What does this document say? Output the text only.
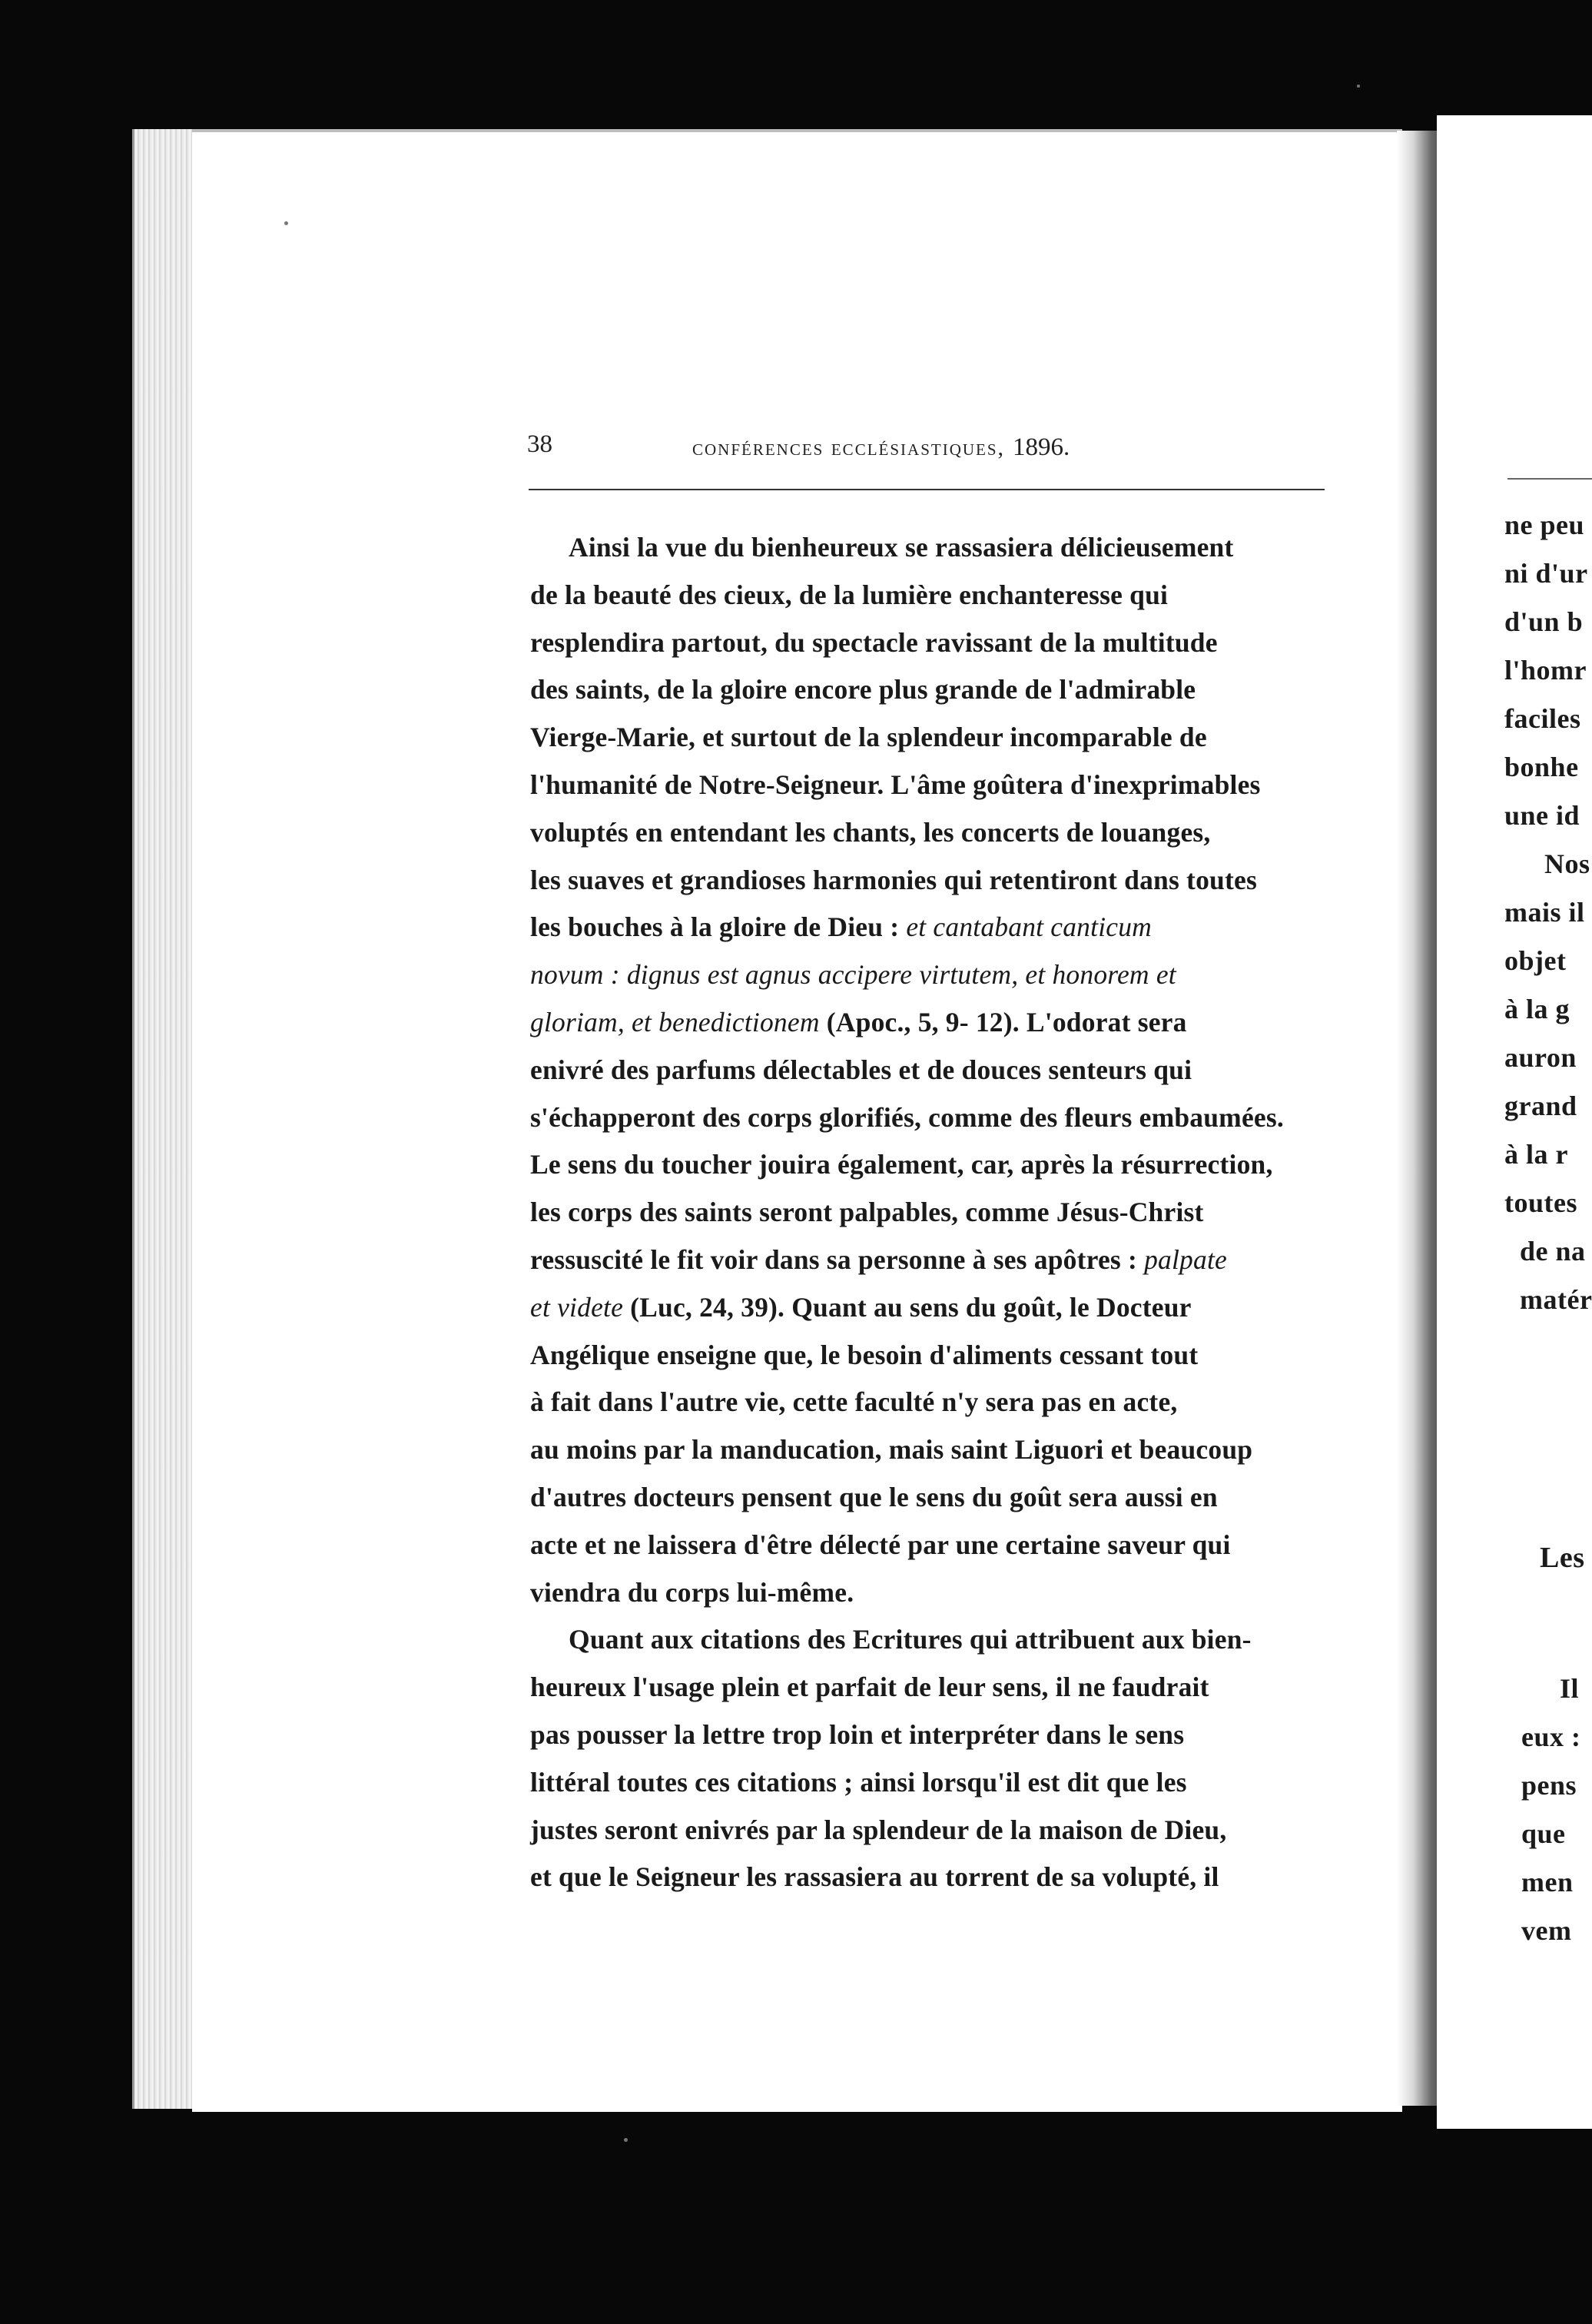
ne peu
ni d'ur
d'un b
l'homr
faciles
bonhe
une id
Nos
mais il
objet
à la g
auron
grand
à la r
toutes
de na
matér
Les
Il
eux :
pens
que
men
vem
38	conférences ecclésiastiques, 1896.
Ainsi la vue du bienheureux se rassasiera délicieusement
de la beauté des cieux, de la lumière enchanteresse qui
resplendira partout, du spectacle ravissant de la multitude
des saints, de la gloire encore plus grande de l'admirable
Vierge-Marie, et surtout de la splendeur incomparable de
l'humanité de Notre-Seigneur. L'âme goûtera d'inexprimables
voluptés en entendant les chants, les concerts de louanges,
les suaves et grandioses harmonies qui retentiront dans toutes
les bouches à la gloire de Dieu : et cantabant canticum
novum : dignus est agnus accipere virtutem, et honorem et
gloriam, et benedictionem (Apoc., 5, 9- 12). L'odorat sera
enivré des parfums délectables et de douces senteurs qui
s'échapperont des corps glorifiés, comme des fleurs embaumées.
Le sens du toucher jouira également, car, après la résurrection,
les corps des saints seront palpables, comme Jésus-Christ
ressuscité le fit voir dans sa personne à ses apôtres : palpate
et videte (Luc, 24, 39). Quant au sens du goût, le Docteur
Angélique enseigne que, le besoin d'aliments cessant tout
à fait dans l'autre vie, cette faculté n'y sera pas en acte,
au moins par la manducation, mais saint Liguori et beaucoup
d'autres docteurs pensent que le sens du goût sera aussi en
acte et ne laissera d'être délecté par une certaine saveur qui
viendra du corps lui-même.
Quant aux citations des Ecritures qui attribuent aux bien-
heureux l'usage plein et parfait de leur sens, il ne faudrait
pas pousser la lettre trop loin et interpréter dans le sens
littéral toutes ces citations ; ainsi lorsqu'il est dit que les
justes seront enivrés par la splendeur de la maison de Dieu,
et que le Seigneur les rassasiera au torrent de sa volupté, il
